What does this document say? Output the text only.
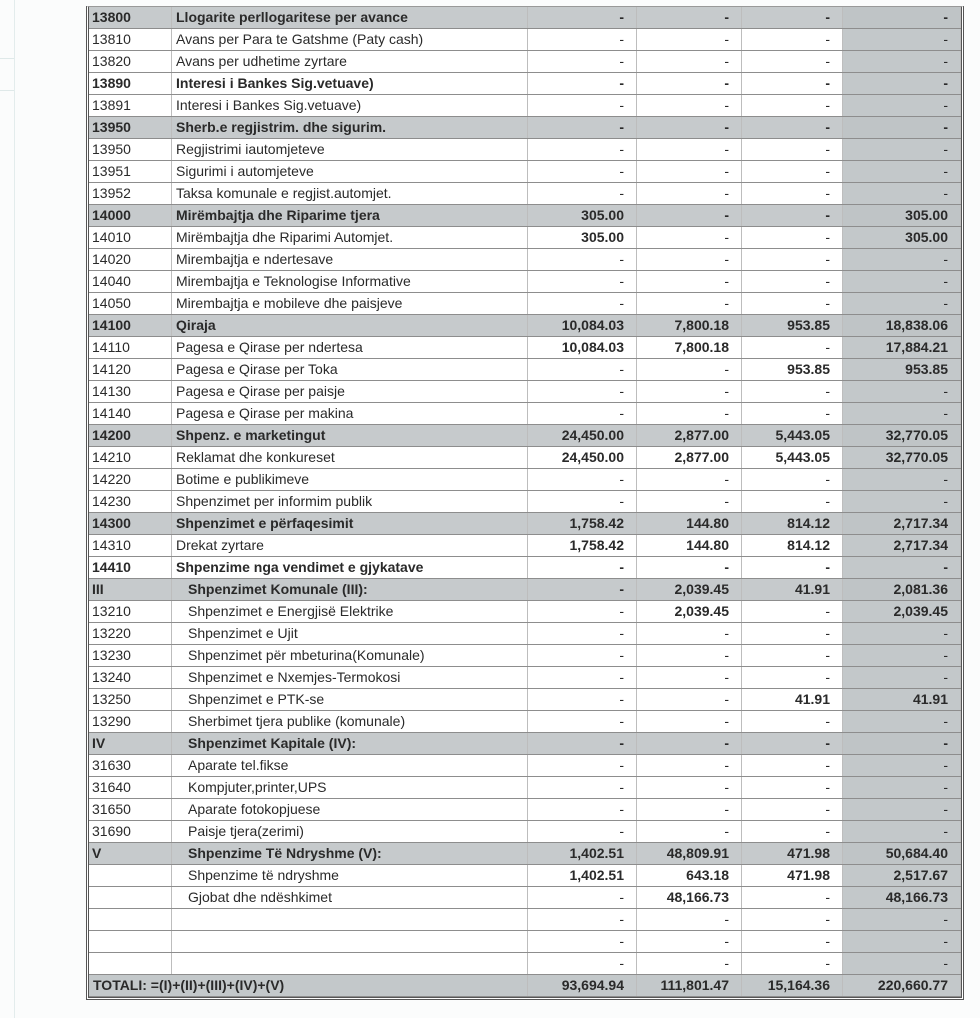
13800	Llogarite perllogaritese per avance	-	-	-	-
13810	Avans per Para te Gatshme (Paty cash)	-	-	-	-
13820	Avans per udhetime zyrtare	-	-	-	-
13890	Interesi i Bankes Sig.vetuave)	-	-	-	-
13891	Interesi i Bankes Sig.vetuave)	-	-	-	-
13950	Sherb.e regjistrim. dhe sigurim.	-	-	-	-
13950	Regjistrimi iautomjeteve	-	-	-	-
13951	Sigurimi i automjeteve	-	-	-	-
13952	Taksa komunale e regjist.automjet.	-	-	-	-
14000	Mirëmbajtja dhe Riparime tjera	305.00	-	-	305.00
14010	Mirëmbajtja dhe Riparimi Automjet.	305.00	-	-	305.00
14020	Mirembajtja e ndertesave	-	-	-	-
14040	Mirembajtja e Teknologise Informative	-	-	-	-
14050	Mirembajtja e mobileve dhe paisjeve	-	-	-	-
14100	Qiraja	10,084.03	7,800.18	953.85	18,838.06
14110	Pagesa e Qirase per ndertesa	10,084.03	7,800.18	-	17,884.21
14120	Pagesa e Qirase per Toka	-	-	953.85	953.85
14130	Pagesa e Qirase per paisje	-	-	-	-
14140	Pagesa e Qirase per makina	-	-	-	-
14200	Shpenz. e marketingut	24,450.00	2,877.00	5,443.05	32,770.05
14210	Reklamat dhe konkureset	24,450.00	2,877.00	5,443.05	32,770.05
14220	Botime e publikimeve	-	-	-	-
14230	Shpenzimet per informim publik	-	-	-	-
14300	Shpenzimet e përfaqesimit	1,758.42	144.80	814.12	2,717.34
14310	Drekat zyrtare	1,758.42	144.80	814.12	2,717.34
14410	Shpenzime nga vendimet e gjykatave	-	-	-	-
III	Shpenzimet Komunale (III):	-	2,039.45	41.91	2,081.36
13210	Shpenzimet e Energjisë Elektrike	-	2,039.45	-	2,039.45
13220	Shpenzimet e Ujit	-	-	-	-
13230	Shpenzimet për mbeturina(Komunale)	-	-	-	-
13240	Shpenzimet e Nxemjes-Termokosi	-	-	-	-
13250	Shpenzimet e PTK-se	-	-	41.91	41.91
13290	Sherbimet tjera publike (komunale)	-	-	-	-
IV	Shpenzimet Kapitale (IV):	-	-	-	-
31630	Aparate tel.fikse	-	-	-	-
31640	Kompjuter,printer,UPS	-	-	-	-
31650	Aparate fotokopjuese	-	-	-	-
31690	Paisje tjera(zerimi)	-	-	-	-
V	Shpenzime Të Ndryshme (V):	1,402.51	48,809.91	471.98	50,684.40
	Shpenzime të ndryshme	1,402.51	643.18	471.98	2,517.67
	Gjobat dhe ndëshkimet	-	48,166.73	-	48,166.73
		-	-	-	-
		-	-	-	-
		-	-	-	-
TOTALI: =(I)+(II)+(III)+(IV)+(V)		93,694.94	111,801.47	15,164.36	220,660.77
